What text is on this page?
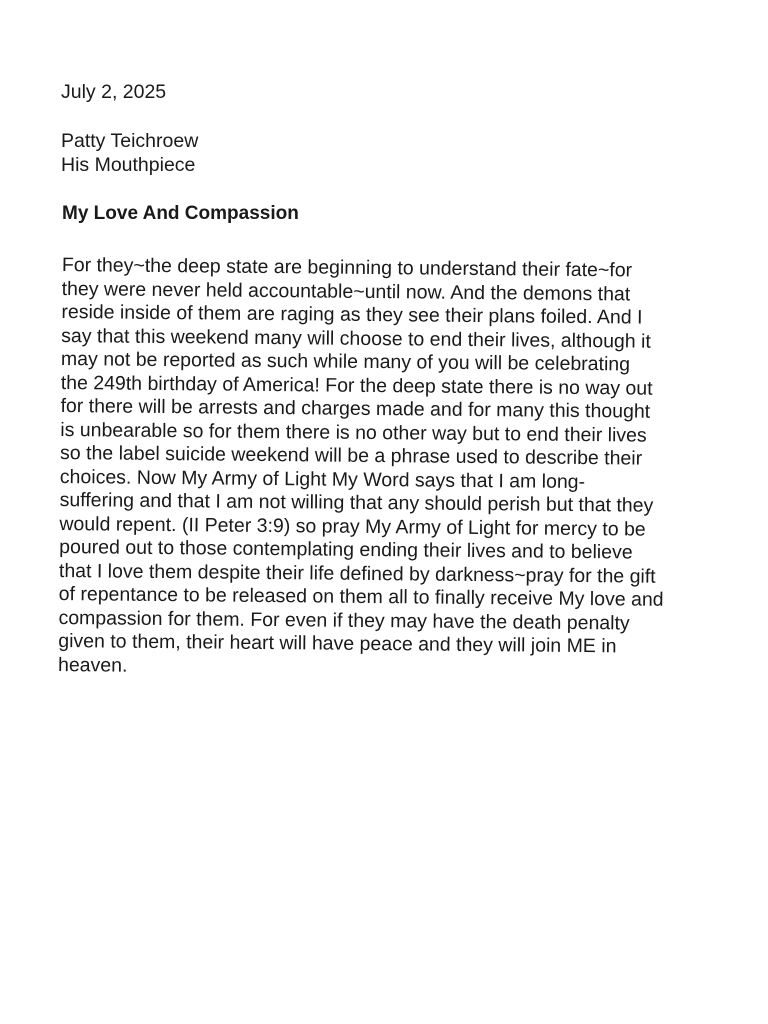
July 2, 2025

Patty Teichroew
His Mouthpiece
My Love And Compassion

For they~the deep state are beginning to understand their fate~for
they were never held accountable~until now. And the demons that
reside inside of them are raging as they see their plans foiled. And I
say that this weekend many will choose to end their lives, although it
may not be reported as such while many of you will be celebrating
the 249th birthday of America! For the deep state there is no way out
for there will be arrests and charges made and for many this thought
is unbearable so for them there is no other way but to end their lives
so the label suicide weekend will be a phrase used to describe their
choices. Now My Army of Light My Word says that I am long-
suffering and that I am not willing that any should perish but that they
would repent. (II Peter 3:9) so pray My Army of Light for mercy to be
poured out to those contemplating ending their lives and to believe
that I love them despite their life defined by darkness~pray for the gift
of repentance to be released on them all to finally receive My love and
compassion for them. For even if they may have the death penalty
given to them, their heart will have peace and they will join ME in
heaven.
